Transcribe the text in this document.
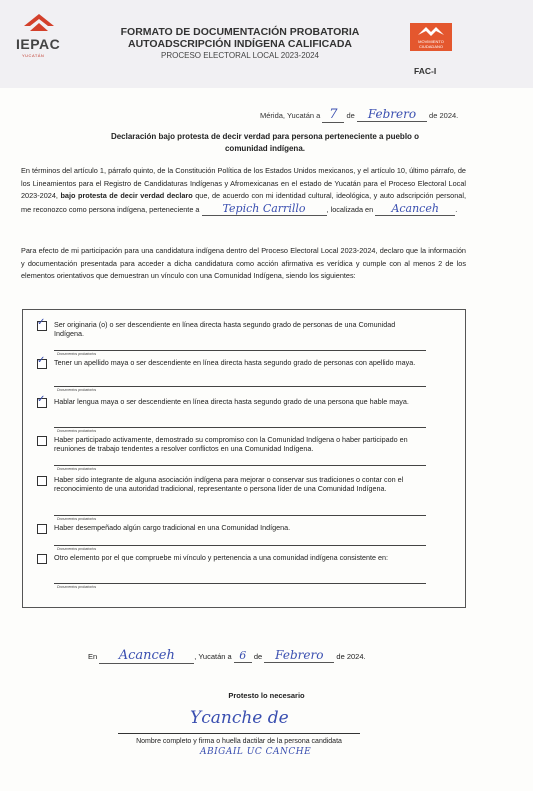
IEPAC
YUCATÁN
FORMATO DE DOCUMENTACIÓN PROBATORIA
AUTOADSCRIPCIÓN INDÍGENA CALIFICADA
PROCESO ELECTORAL LOCAL 2023-2024
MOVIMIENTO
CIUDADANO
FAC-I
Mérida, Yucatán a 7 de Febrero de 2024.
Declaración bajo protesta de decir verdad para persona perteneciente a pueblo o comunidad indígena.
En términos del artículo 1, párrafo quinto, de la Constitución Política de los Estados Unidos mexicanos, y el artículo 10, último párrafo, de los Lineamientos para el Registro de Candidaturas Indígenas y Afromexicanas en el estado de Yucatán para el Proceso Electoral Local 2023-2024, bajo protesta de decir verdad declaro que, de acuerdo con mi identidad cultural, ideológica, y auto adscripción personal, me reconozco como persona indígena, perteneciente a Tepich Carrillo	, localizada en Acanceh .
Para efecto de mi participación para una candidatura indígena dentro del Proceso Electoral Local 2023-2024, declaro que la información y documentación presentada para acceder a dicha candidatura como acción afirmativa es verídica y cumple con al menos 2 de los elementos orientativos que demuestran un vínculo con una Comunidad Indígena, siendo los siguientes:
✓ Ser originaria (o) o ser descendiente en línea directa hasta segundo grado de personas de una Comunidad Indígena.
Documentos probatorios
✓ Tener un apellido maya o ser descendiente en línea directa hasta segundo grado de personas con apellido maya.
Documentos probatorios
✓ Hablar lengua maya o ser descendiente en línea directa hasta segundo grado de una persona que hable maya.
Documentos probatorios
Haber participado activamente, demostrado su compromiso con la Comunidad Indígena o haber participado en reuniones de trabajo tendentes a resolver conflictos en una Comunidad Indígena.
Documentos probatorios
Haber sido integrante de alguna asociación indígena para mejorar o conservar sus tradiciones o contar con el reconocimiento de una autoridad tradicional, representante o persona líder de una Comunidad Indígena.
Documentos probatorios
Haber desempeñado algún cargo tradicional en una Comunidad Indígena.
Documentos probatorios
Otro elemento por el que compruebe mi vínculo y pertenencia a una comunidad indígena consistente en:
Documentos probatorios
En Acanceh	, Yucatán a 6 de Febrero de 2024.
Protesto lo necesario
Ycanche de
Nombre completo y firma o huella dactilar de la persona candidata
ABIGAIL UC CANCHE
